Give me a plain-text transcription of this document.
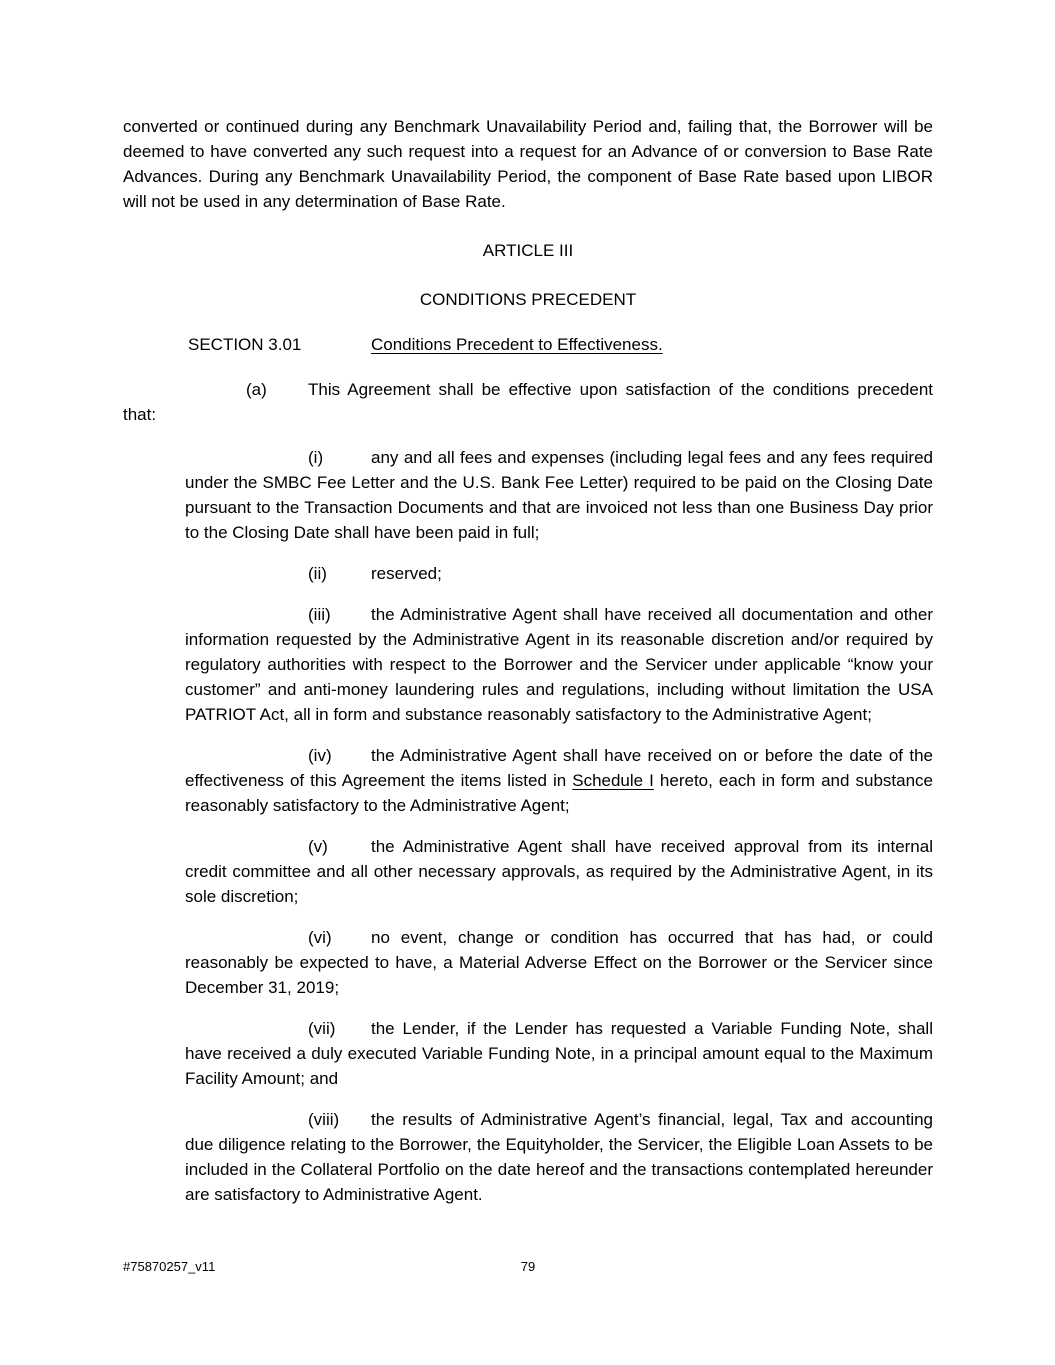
converted or continued during any Benchmark Unavailability Period and, failing that, the Borrower will be deemed to have converted any such request into a request for an Advance of or conversion to Base Rate Advances. During any Benchmark Unavailability Period, the component of Base Rate based upon LIBOR will not be used in any determination of Base Rate.

ARTICLE III

CONDITIONS PRECEDENT

SECTION 3.01	Conditions Precedent to Effectiveness.

(a) This Agreement shall be effective upon satisfaction of the conditions precedent that:

(i)	any and all fees and expenses (including legal fees and any fees required under the SMBC Fee Letter and the U.S. Bank Fee Letter) required to be paid on the Closing Date pursuant to the Transaction Documents and that are invoiced not less than one Business Day prior to the Closing Date shall have been paid in full;

(ii)	reserved;

(iii) the Administrative Agent shall have received all documentation and other information requested by the Administrative Agent in its reasonable discretion and/or required by regulatory authorities with respect to the Borrower and the Servicer under applicable “know your customer” and anti-money laundering rules and regulations, including without limitation the USA PATRIOT Act, all in form and substance reasonably satisfactory to the Administrative Agent;

(iv) the Administrative Agent shall have received on or before the date of the effectiveness of this Agreement the items listed in Schedule I hereto, each in form and substance reasonably satisfactory to the Administrative Agent;

(v)	the Administrative Agent shall have received approval from its internal credit committee and all other necessary approvals, as required by the Administrative Agent, in its sole discretion;

(vi) no event, change or condition has occurred that has had, or could reasonably be expected to have, a Material Adverse Effect on the Borrower or the Servicer since December 31, 2019;

(vii) the Lender, if the Lender has requested a Variable Funding Note, shall have received a duly executed Variable Funding Note, in a principal amount equal to the Maximum Facility Amount; and

(viii) the results of Administrative Agent’s financial, legal, Tax and accounting due diligence relating to the Borrower, the Equityholder, the Servicer, the Eligible Loan Assets to be included in the Collateral Portfolio on the date hereof and the transactions contemplated hereunder are satisfactory to Administrative Agent.

#75870257_v11	79
